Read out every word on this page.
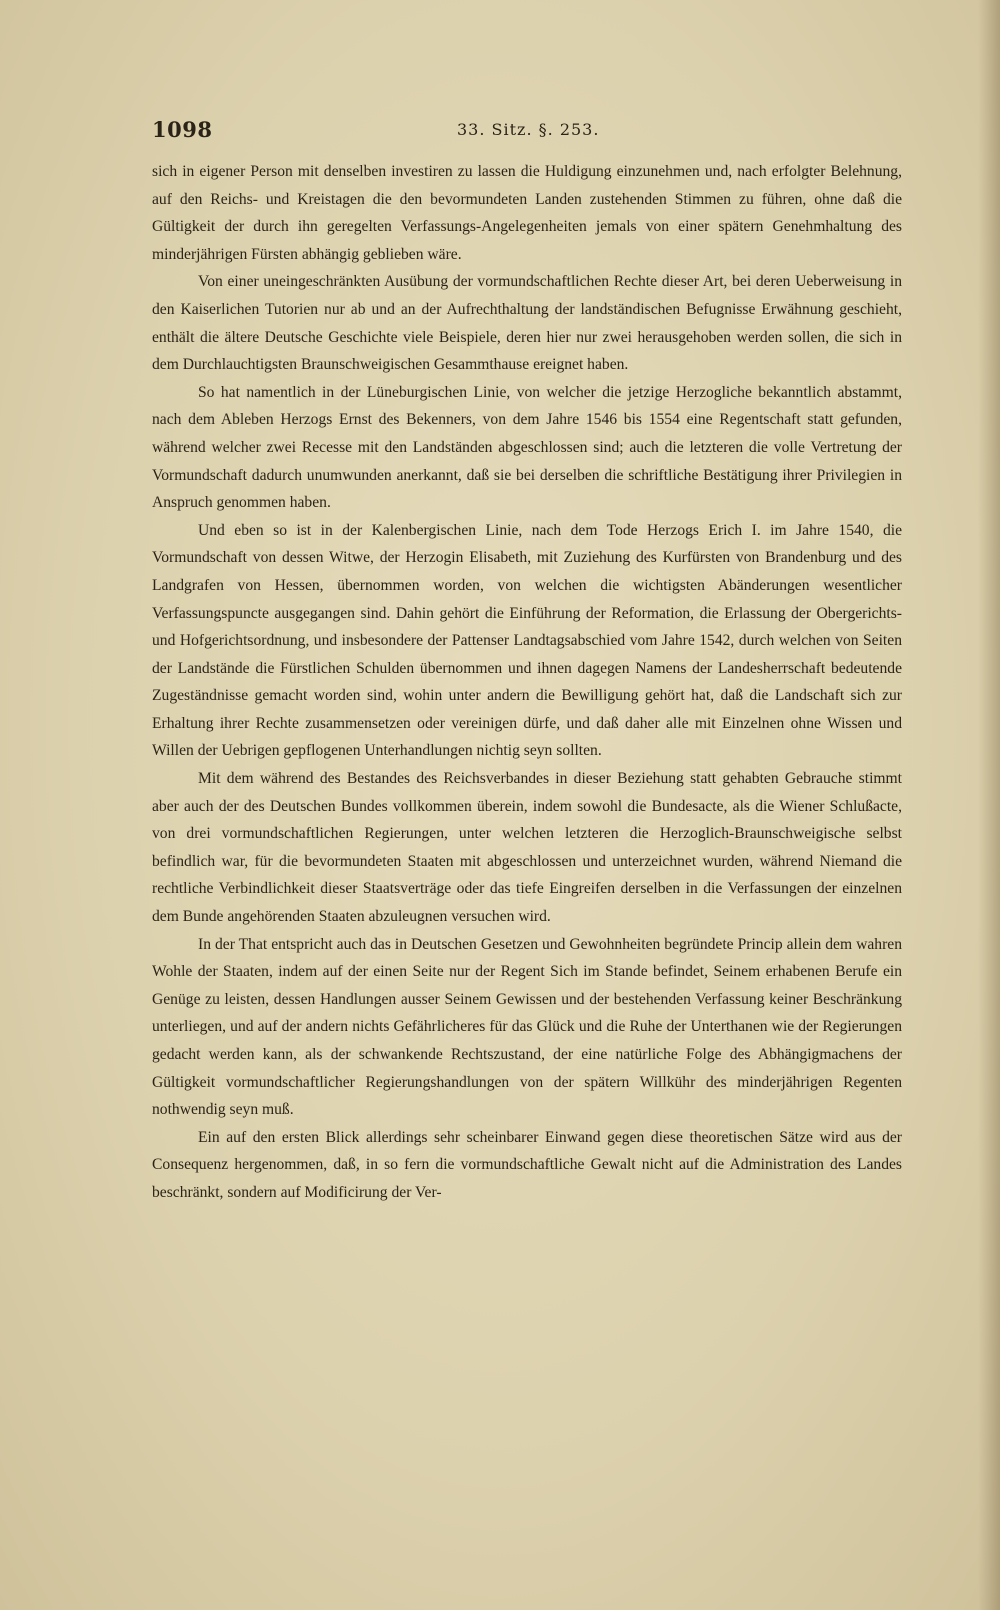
1098	33. Sitz. §. 253.

sich in eigener Person mit denselben investiren zu lassen die Huldigung einzunehmen und, nach erfolgter Belehnung, auf den Reichs- und Kreistagen die den bevormundeten Landen zustehenden Stimmen zu führen, ohne daß die Gültigkeit der durch ihn geregelten Verfassungs-Angelegenheiten jemals von einer spätern Genehmhaltung des minderjährigen Fürsten abhängig geblieben wäre.

Von einer uneingeschränkten Ausübung der vormundschaftlichen Rechte dieser Art, bei deren Ueberweisung in den Kaiserlichen Tutorien nur ab und an der Aufrechthaltung der landständischen Befugnisse Erwähnung geschieht, enthält die ältere Deutsche Geschichte viele Beispiele, deren hier nur zwei herausgehoben werden sollen, die sich in dem Durchlauchtigsten Braunschweigischen Gesammthause ereignet haben.

So hat namentlich in der Lüneburgischen Linie, von welcher die jetzige Herzogliche bekanntlich abstammt, nach dem Ableben Herzogs Ernst des Bekenners, von dem Jahre 1546 bis 1554 eine Regentschaft statt gefunden, während welcher zwei Recesse mit den Landständen abgeschlossen sind; auch die letzteren die volle Vertretung der Vormundschaft dadurch unumwunden anerkannt, daß sie bei derselben die schriftliche Bestätigung ihrer Privilegien in Anspruch genommen haben.

Und eben so ist in der Kalenbergischen Linie, nach dem Tode Herzogs Erich I. im Jahre 1540, die Vormundschaft von dessen Witwe, der Herzogin Elisabeth, mit Zuziehung des Kurfürsten von Brandenburg und des Landgrafen von Hessen, übernommen worden, von welchen die wichtigsten Abänderungen wesentlicher Verfassungspuncte ausgegangen sind. Dahin gehört die Einführung der Reformation, die Erlassung der Obergerichts- und Hofgerichtsordnung, und insbesondere der Pattenser Landtagsabschied vom Jahre 1542, durch welchen von Seiten der Landstände die Fürstlichen Schulden übernommen und ihnen dagegen Namens der Landesherrschaft bedeutende Zugeständnisse gemacht worden sind, wohin unter andern die Bewilligung gehört hat, daß die Landschaft sich zur Erhaltung ihrer Rechte zusammensetzen oder vereinigen dürfe, und daß daher alle mit Einzelnen ohne Wissen und Willen der Uebrigen gepflogenen Unterhandlungen nichtig seyn sollten.

Mit dem während des Bestandes des Reichsverbandes in dieser Beziehung statt gehabten Gebrauche stimmt aber auch der des Deutschen Bundes vollkommen überein, indem sowohl die Bundesacte, als die Wiener Schlußacte, von drei vormundschaftlichen Regierungen, unter welchen letzteren die Herzoglich-Braunschweigische selbst befindlich war, für die bevormundeten Staaten mit abgeschlossen und unterzeichnet wurden, während Niemand die rechtliche Verbindlichkeit dieser Staatsverträge oder das tiefe Eingreifen derselben in die Verfassungen der einzelnen dem Bunde angehörenden Staaten abzuleugnen versuchen wird.

In der That entspricht auch das in Deutschen Gesetzen und Gewohnheiten begründete Princip allein dem wahren Wohle der Staaten, indem auf der einen Seite nur der Regent Sich im Stande befindet, Seinem erhabenen Berufe ein Genüge zu leisten, dessen Handlungen ausser Seinem Gewissen und der bestehenden Verfassung keiner Beschränkung unterliegen, und auf der andern nichts Gefährlicheres für das Glück und die Ruhe der Unterthanen wie der Regierungen gedacht werden kann, als der schwankende Rechtszustand, der eine natürliche Folge des Abhängigmachens der Gültigkeit vormundschaftlicher Regierungshandlungen von der spätern Willkühr des minderjährigen Regenten nothwendig seyn muß.

Ein auf den ersten Blick allerdings sehr scheinbarer Einwand gegen diese theoretischen Sätze wird aus der Consequenz hergenommen, daß, in so fern die vormundschaftliche Gewalt nicht auf die Administration des Landes beschränkt, sondern auf Modificirung der Ver-
